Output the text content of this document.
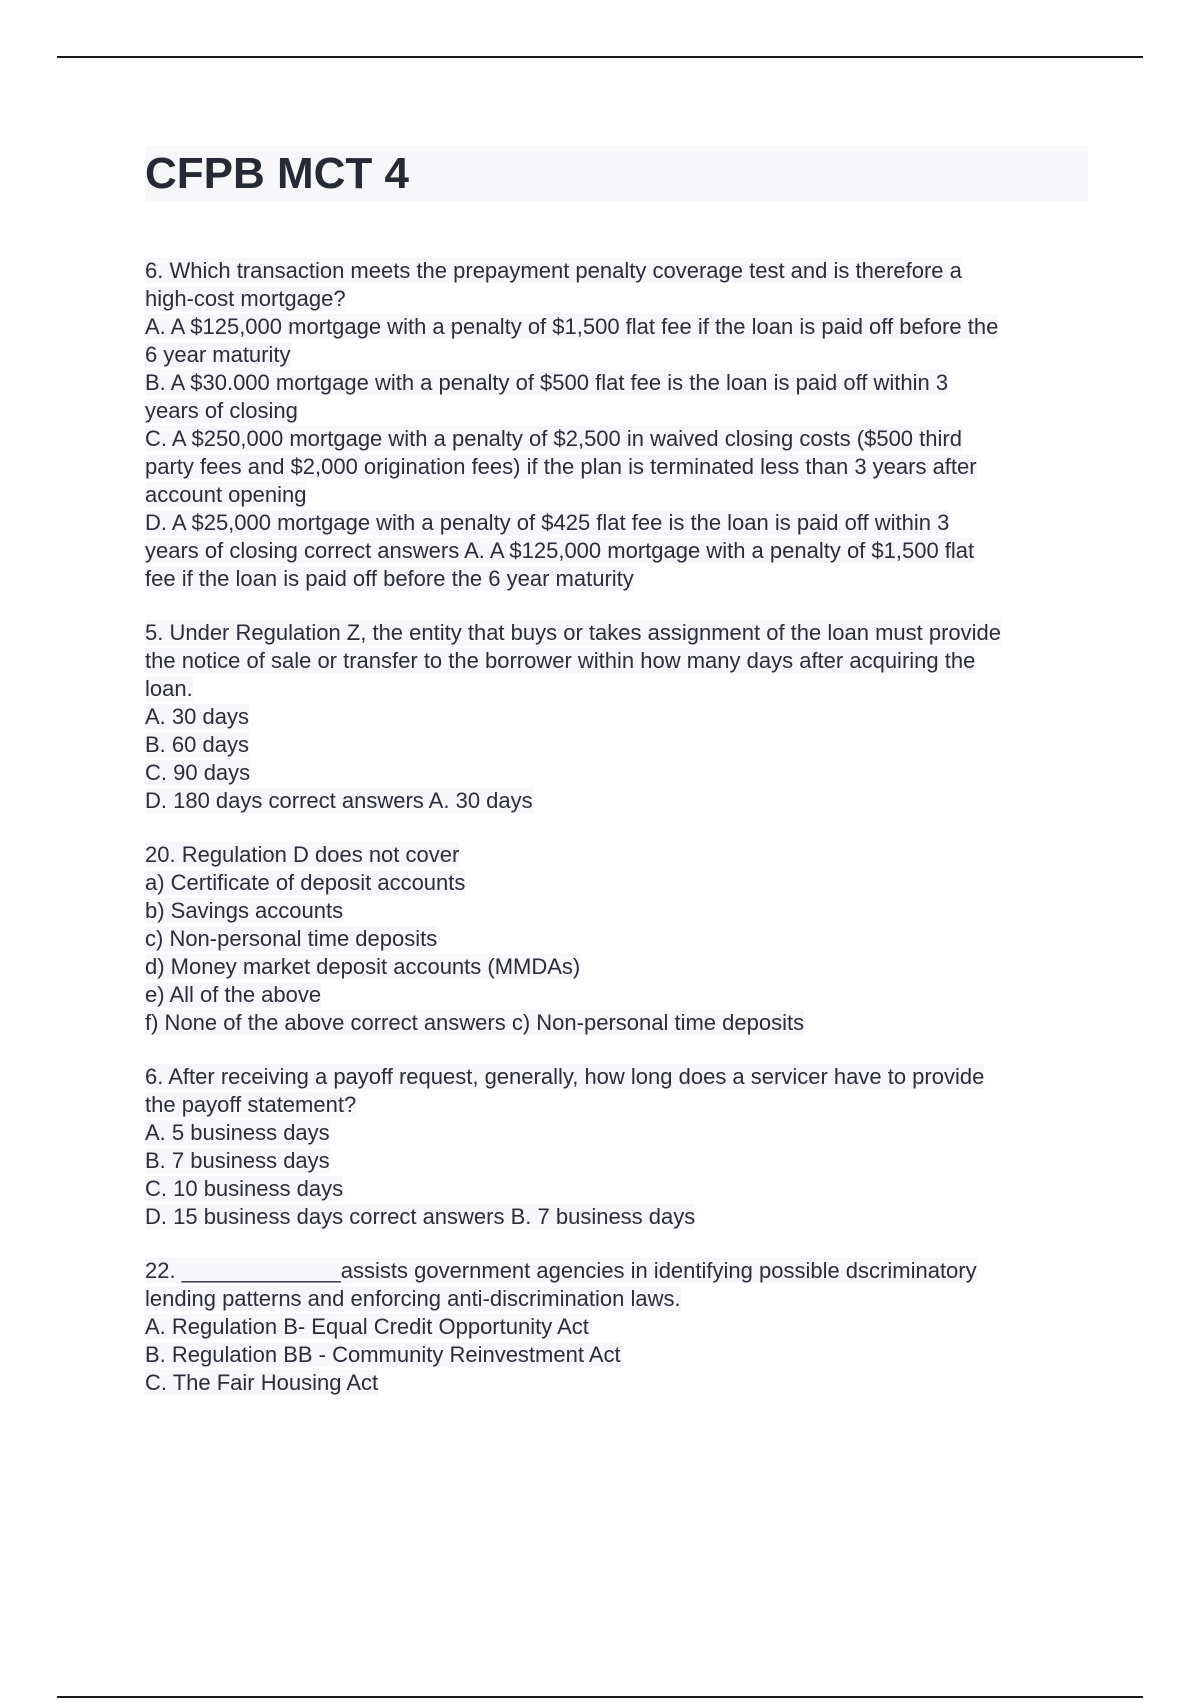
CFPB MCT 4

6. Which transaction meets the prepayment penalty coverage test and is therefore a

high-cost mortgage?

A. A $125,000 mortgage with a penalty of $1,500 flat fee if the loan is paid off before the

6 year maturity

B. A $30.000 mortgage with a penalty of $500 flat fee is the loan is paid off within 3

years of closing

C. A $250,000 mortgage with a penalty of $2,500 in waived closing costs ($500 third

party fees and $2,000 origination fees) if the plan is terminated less than 3 years after

account opening

D. A $25,000 mortgage with a penalty of $425 flat fee is the loan is paid off within 3

years of closing correct answers A. A $125,000 mortgage with a penalty of $1,500 flat

fee if the loan is paid off before the 6 year maturity

5. Under Regulation Z, the entity that buys or takes assignment of the loan must provide

the notice of sale or transfer to the borrower within how many days after acquiring the

loan.

A. 30 days

B. 60 days

C. 90 days

D. 180 days correct answers A. 30 days

20. Regulation D does not cover

a) Certificate of deposit accounts

b) Savings accounts

c) Non-personal time deposits

d) Money market deposit accounts (MMDAs)

e) All of the above

f) None of the above correct answers c) Non-personal time deposits

6. After receiving a payoff request, generally, how long does a servicer have to provide

the payoff statement?

A. 5 business days

B. 7 business days

C. 10 business days

D. 15 business days correct answers B. 7 business days

22. _____________assists government agencies in identifying possible dscriminatory

lending patterns and enforcing anti-discrimination laws.

A. Regulation B- Equal Credit Opportunity Act

B. Regulation BB - Community Reinvestment Act

C. The Fair Housing Act
